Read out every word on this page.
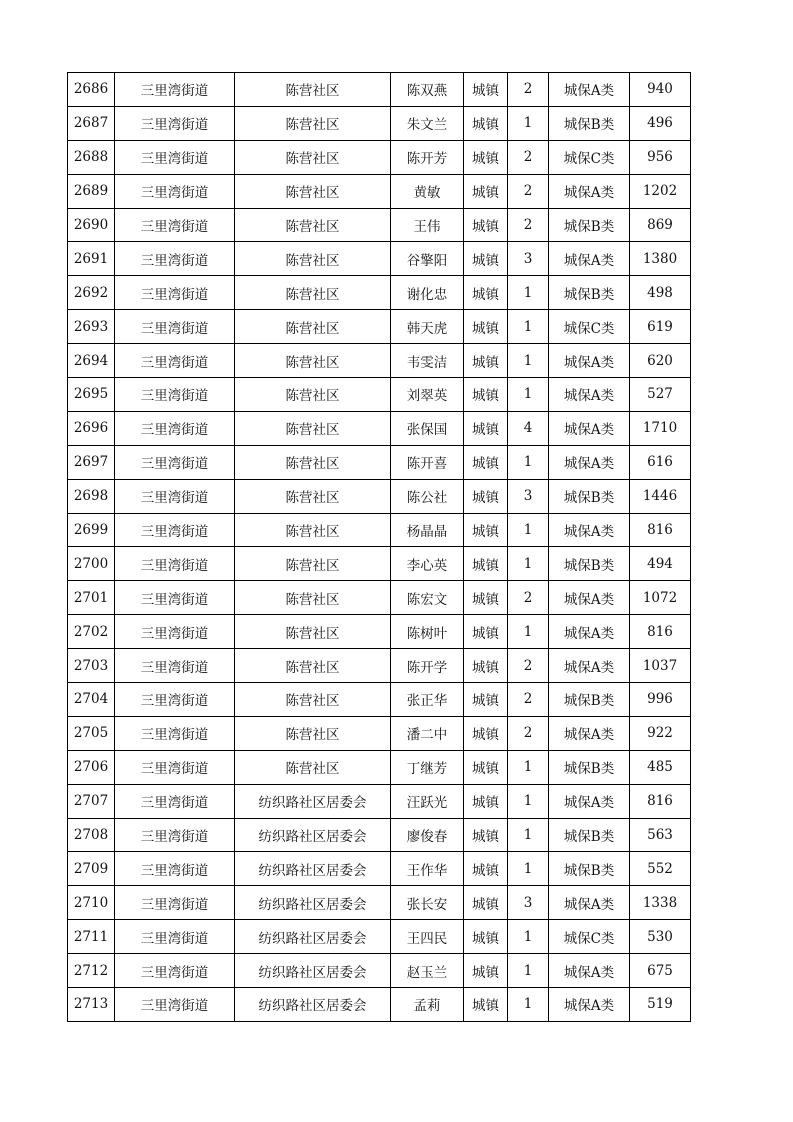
2686	三里湾街道	陈营社区	陈双燕	城镇	2	城保A类	940
2687	三里湾街道	陈营社区	朱文兰	城镇	1	城保B类	496
2688	三里湾街道	陈营社区	陈开芳	城镇	2	城保C类	956
2689	三里湾街道	陈营社区	黄敏	城镇	2	城保A类	1202
2690	三里湾街道	陈营社区	王伟	城镇	2	城保B类	869
2691	三里湾街道	陈营社区	谷擎阳	城镇	3	城保A类	1380
2692	三里湾街道	陈营社区	谢化忠	城镇	1	城保B类	498
2693	三里湾街道	陈营社区	韩天虎	城镇	1	城保C类	619
2694	三里湾街道	陈营社区	韦雯洁	城镇	1	城保A类	620
2695	三里湾街道	陈营社区	刘翠英	城镇	1	城保A类	527
2696	三里湾街道	陈营社区	张保国	城镇	4	城保A类	1710
2697	三里湾街道	陈营社区	陈开喜	城镇	1	城保A类	616
2698	三里湾街道	陈营社区	陈公社	城镇	3	城保B类	1446
2699	三里湾街道	陈营社区	杨晶晶	城镇	1	城保A类	816
2700	三里湾街道	陈营社区	李心英	城镇	1	城保B类	494
2701	三里湾街道	陈营社区	陈宏文	城镇	2	城保A类	1072
2702	三里湾街道	陈营社区	陈树叶	城镇	1	城保A类	816
2703	三里湾街道	陈营社区	陈开学	城镇	2	城保A类	1037
2704	三里湾街道	陈营社区	张正华	城镇	2	城保B类	996
2705	三里湾街道	陈营社区	潘二中	城镇	2	城保A类	922
2706	三里湾街道	陈营社区	丁继芳	城镇	1	城保B类	485
2707	三里湾街道	纺织路社区居委会	汪跃光	城镇	1	城保A类	816
2708	三里湾街道	纺织路社区居委会	廖俊春	城镇	1	城保B类	563
2709	三里湾街道	纺织路社区居委会	王作华	城镇	1	城保B类	552
2710	三里湾街道	纺织路社区居委会	张长安	城镇	3	城保A类	1338
2711	三里湾街道	纺织路社区居委会	王四民	城镇	1	城保C类	530
2712	三里湾街道	纺织路社区居委会	赵玉兰	城镇	1	城保A类	675
2713	三里湾街道	纺织路社区居委会	孟莉	城镇	1	城保A类	519
